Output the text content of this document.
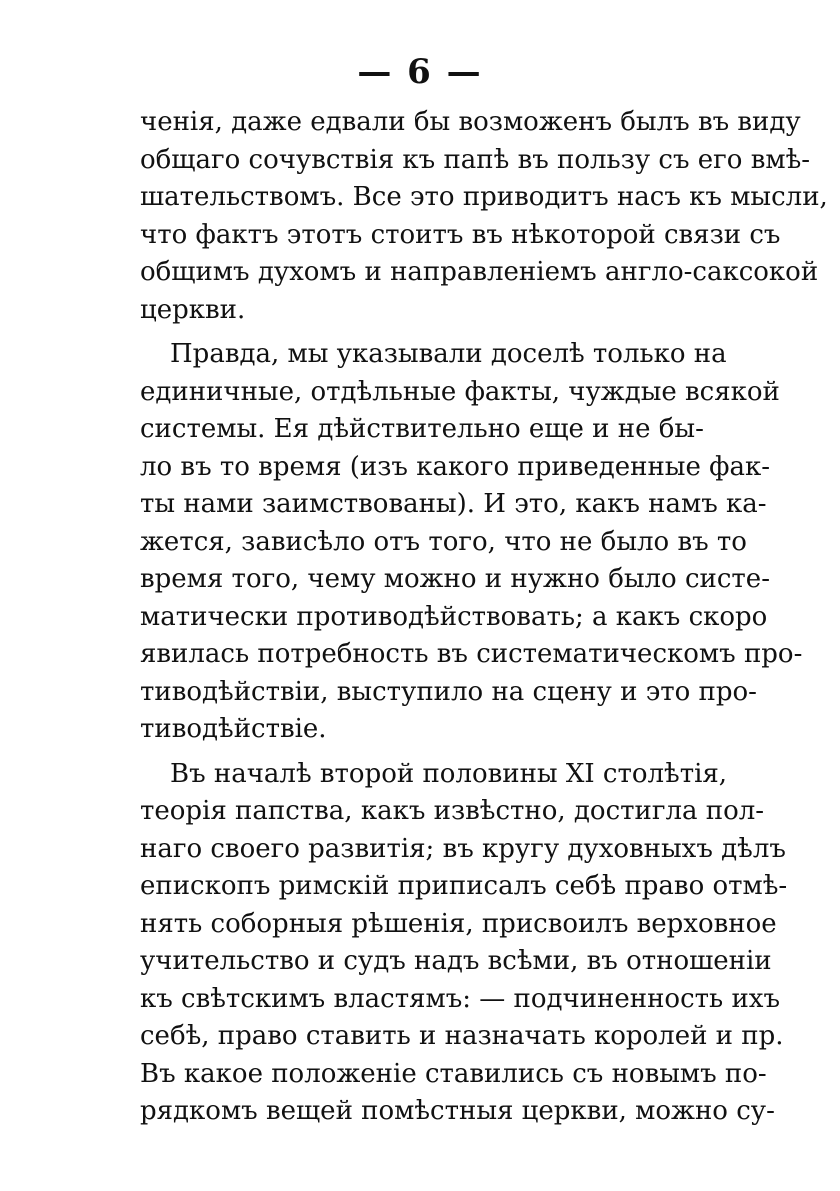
— 6 —
ченія, даже едвали бы возможенъ былъ въ виду
общаго сочувствія къ папѣ въ пользу съ его вмѣ-
шательствомъ. Все это приводитъ насъ къ мысли,
что фактъ этотъ стоитъ въ нѣкоторой связи съ
общимъ духомъ и направленіемъ англо-саксокой
церкви.
Правда, мы указывали доселѣ только на
единичные, отдѣльные факты, чуждые всякой
системы. Ея дѣйствительно еще и не бы-
ло въ то время (изъ какого приведенные фак-
ты нами заимствованы). И это, какъ намъ ка-
жется, зависѣло отъ того, что не было въ то
время того, чему можно и нужно было систе-
матически противодѣйствовать; а какъ скоро
явилась потребность въ систематическомъ про-
тиводѣйствіи, выступило на сцену и это про-
тиводѣйствіе.
Въ началѣ второй половины XI столѣтія,
теорія папства, какъ извѣстно, достигла пол-
наго своего развитія; въ кругу духовныхъ дѣлъ
епископъ римскій приписалъ себѣ право отмѣ-
нять соборныя рѣшенія, присвоилъ верховное
учительство и судъ надъ всѣми, въ отношеніи
къ свѣтскимъ властямъ: — подчиненность ихъ
себѣ, право ставить и назначать королей и пр.
Въ какое положеніе ставились съ новымъ по-
рядкомъ вещей помѣстныя церкви, можно су-
